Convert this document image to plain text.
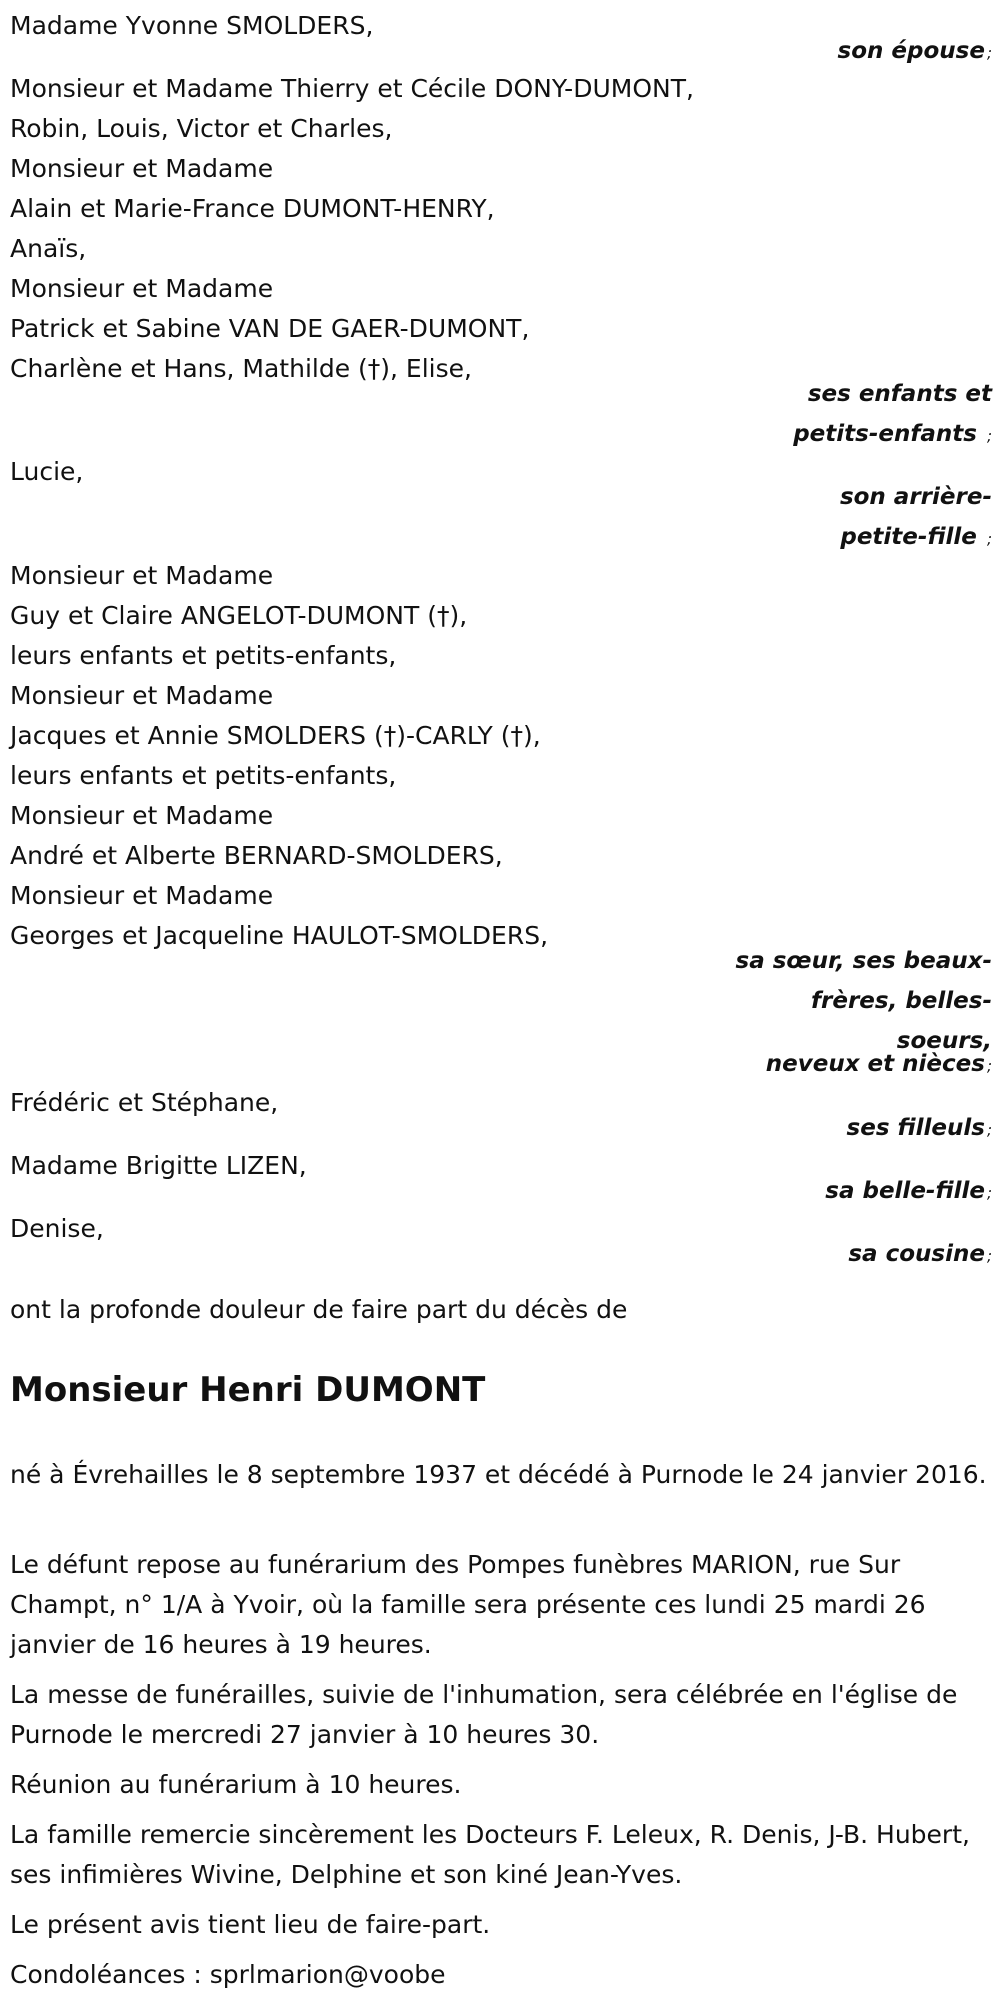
Madame Yvonne SMOLDERS,

Monsieur et Madame Thierry et Cécile DONY-DUMONT,

Robin, Louis, Victor et Charles,

Monsieur et Madame

Alain et Marie-France DUMONT-HENRY,

Anaïs,

Monsieur et Madame

Patrick et Sabine VAN DE GAER-DUMONT,

Charlène et Hans, Mathilde (†), Elise,

Lucie,

Monsieur et Madame

Guy et Claire ANGELOT-DUMONT (†),

leurs enfants et petits-enfants,

Monsieur et Madame

Jacques et Annie SMOLDERS (†)-CARLY (†),

leurs enfants et petits-enfants,

Monsieur et Madame

André et Alberte BERNARD-SMOLDERS,

Monsieur et Madame

Georges et Jacqueline HAULOT-SMOLDERS,

Frédéric et Stéphane,

Madame Brigitte LIZEN,

Denise,

son épouse ;

ses enfants et

petits-enfants ;

son arrière-

petite-fille ;

sa sœur, ses beaux-

frères, belles-

soeurs,

neveux et nièces ;

ses filleuls ;

sa belle-fille ;

sa cousine ;

ont la profonde douleur de faire part du décès de

Monsieur Henri DUMONT

né à Évrehailles le 8 septembre 1937 et décédé à Purnode le 24 janvier 2016.

Le défunt repose au funérarium des Pompes funèbres MARION, rue Sur Champt, n° 1/A à Yvoir, où la famille sera présente ces lundi 25 mardi 26 janvier de 16 heures à 19 heures.

La messe de funérailles, suivie de l'inhumation, sera célébrée en l'église de Purnode le mercredi 27 janvier à 10 heures 30.

Réunion au funérarium à 10 heures.

La famille remercie sincèrement les Docteurs F. Leleux, R. Denis, J-B. Hubert, ses infimières Wivine, Delphine et son kiné Jean-Yves.

Le présent avis tient lieu de faire-part.

Condoléances : sprlmarion@voobe
